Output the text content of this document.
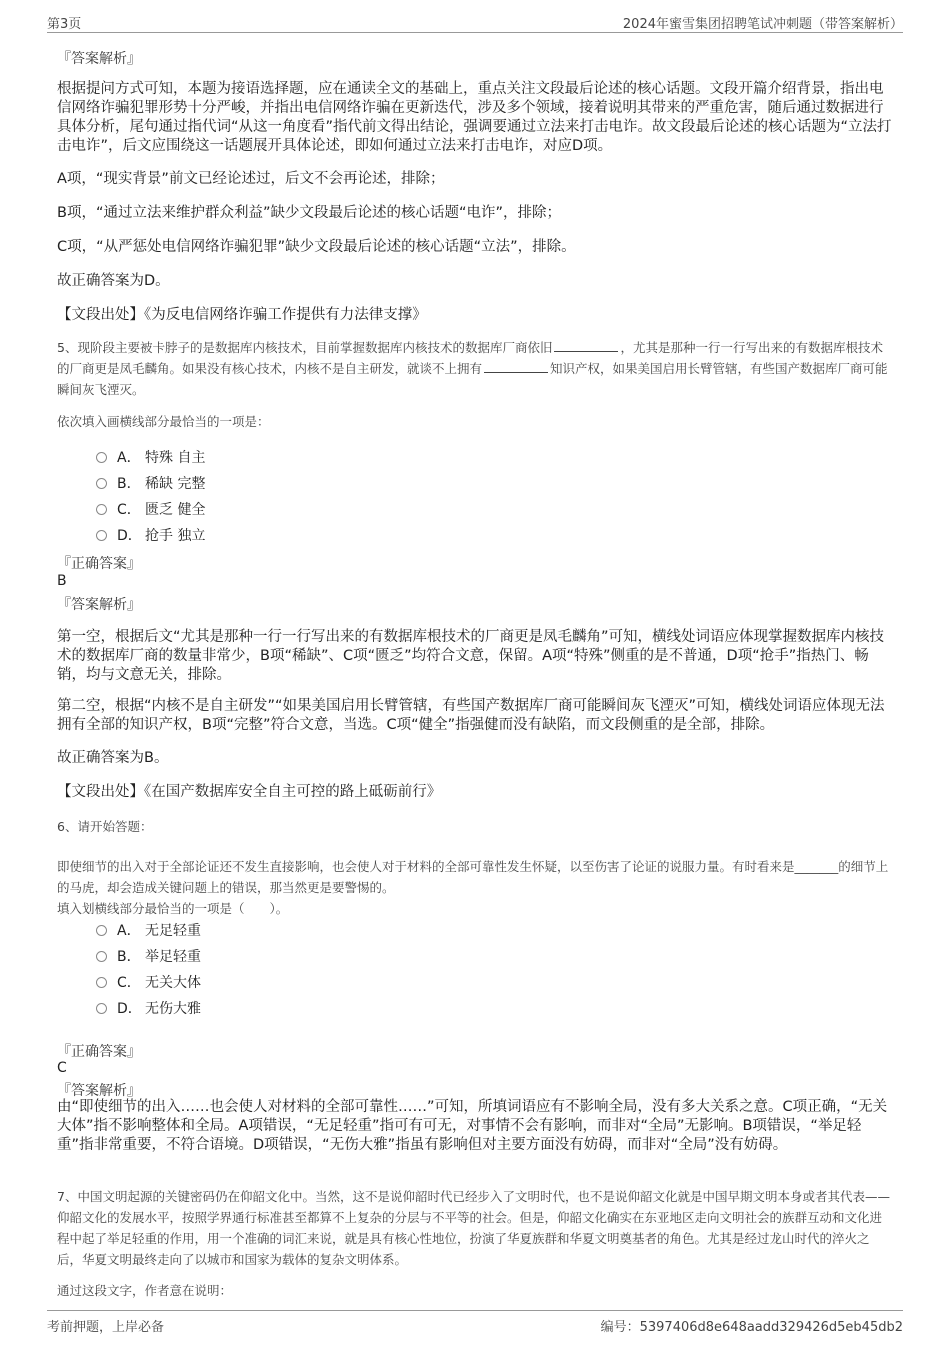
第3页	2024年蜜雪集团招聘笔试冲刺题（带答案解析）
『答案解析』

根据提问方式可知，本题为接语选择题，应在通读全文的基础上，重点关注文段最后论述的核心话题。文段开篇介绍背景，指出电信网络诈骗犯罪形势十分严峻，并指出电信网络诈骗在更新迭代，涉及多个领域，接着说明其带来的严重危害，随后通过数据进行具体分析，尾句通过指代词“从这一角度看”指代前文得出结论，强调要通过立法来打击电诈。故文段最后论述的核心话题为“立法打击电诈”，后文应围绕这一话题展开具体论述，即如何通过立法来打击电诈，对应D项。

A项，“现实背景”前文已经论述过，后文不会再论述，排除；

B项，“通过立法来维护群众利益”缺少文段最后论述的核心话题“电诈”，排除；

C项，“从严惩处电信网络诈骗犯罪”缺少文段最后论述的核心话题“立法”，排除。

故正确答案为D。

【文段出处】《为反电信网络诈骗工作提供有力法律支撑》

5、现阶段主要被卡脖子的是数据库内核技术，目前掌握数据库内核技术的数据库厂商依旧	，尤其是那种一行一行写出来的有数据库根技术的厂商更是凤毛麟角。如果没有核心技术，内核不是自主研发，就谈不上拥有	知识产权，如果美国启用长臂管辖，有些国产数据库厂商可能瞬间灰飞湮灭。

依次填入画横线部分最恰当的一项是：

A． 特殊 自主
B． 稀缺 完整
C． 匮乏 健全
D． 抢手 独立
『正确答案』
B
『答案解析』

第一空，根据后文“尤其是那种一行一行写出来的有数据库根技术的厂商更是凤毛麟角”可知，横线处词语应体现掌握数据库内核技术的数据库厂商的数量非常少，B项“稀缺”、C项“匮乏”均符合文意，保留。A项“特殊”侧重的是不普通，D项“抢手”指热门、畅销，均与文意无关，排除。

第二空，根据“内核不是自主研发”“如果美国启用长臂管辖，有些国产数据库厂商可能瞬间灰飞湮灭”可知，横线处词语应体现无法拥有全部的知识产权，B项“完整”符合文意，当选。C项“健全”指强健而没有缺陷，而文段侧重的是全部，排除。

故正确答案为B。

【文段出处】《在国产数据库安全自主可控的路上砥砺前行》

6、请开始答题：

即使细节的出入对于全部论证还不发生直接影响，也会使人对于材料的全部可靠性发生怀疑，以至伤害了论证的说服力量。有时看来是_______的细节上的马虎，却会造成关键问题上的错误，那当然更是要警惕的。

填入划横线部分最恰当的一项是（　　）。

A． 无足轻重
B． 举足轻重
C． 无关大体
D． 无伤大雅
『正确答案』
C
『答案解析』

由“即使细节的出入……也会使人对材料的全部可靠性……”可知，所填词语应有不影响全局，没有多大关系之意。C项正确，“无关大体”指不影响整体和全局。A项错误，“无足轻重”指可有可无，对事情不会有影响，而非对“全局”无影响。B项错误，“举足轻重”指非常重要，不符合语境。D项错误，“无伤大雅”指虽有影响但对主要方面没有妨碍，而非对“全局”没有妨碍。

7、中国文明起源的关键密码仍在仰韶文化中。当然，这不是说仰韶时代已经步入了文明时代，也不是说仰韶文化就是中国早期文明本身或者其代表——仰韶文化的发展水平，按照学界通行标准甚至都算不上复杂的分层与不平等的社会。但是，仰韶文化确实在东亚地区走向文明社会的族群互动和文化进程中起了举足轻重的作用，用一个准确的词汇来说，就是具有核心性地位，扮演了华夏族群和华夏文明奠基者的角色。尤其是经过龙山时代的淬火之后，华夏文明最终走向了以城市和国家为载体的复杂文明体系。

通过这段文字，作者意在说明：

考前押题，上岸必备	编号：5397406d8e648aadd329426d5eb45db2
